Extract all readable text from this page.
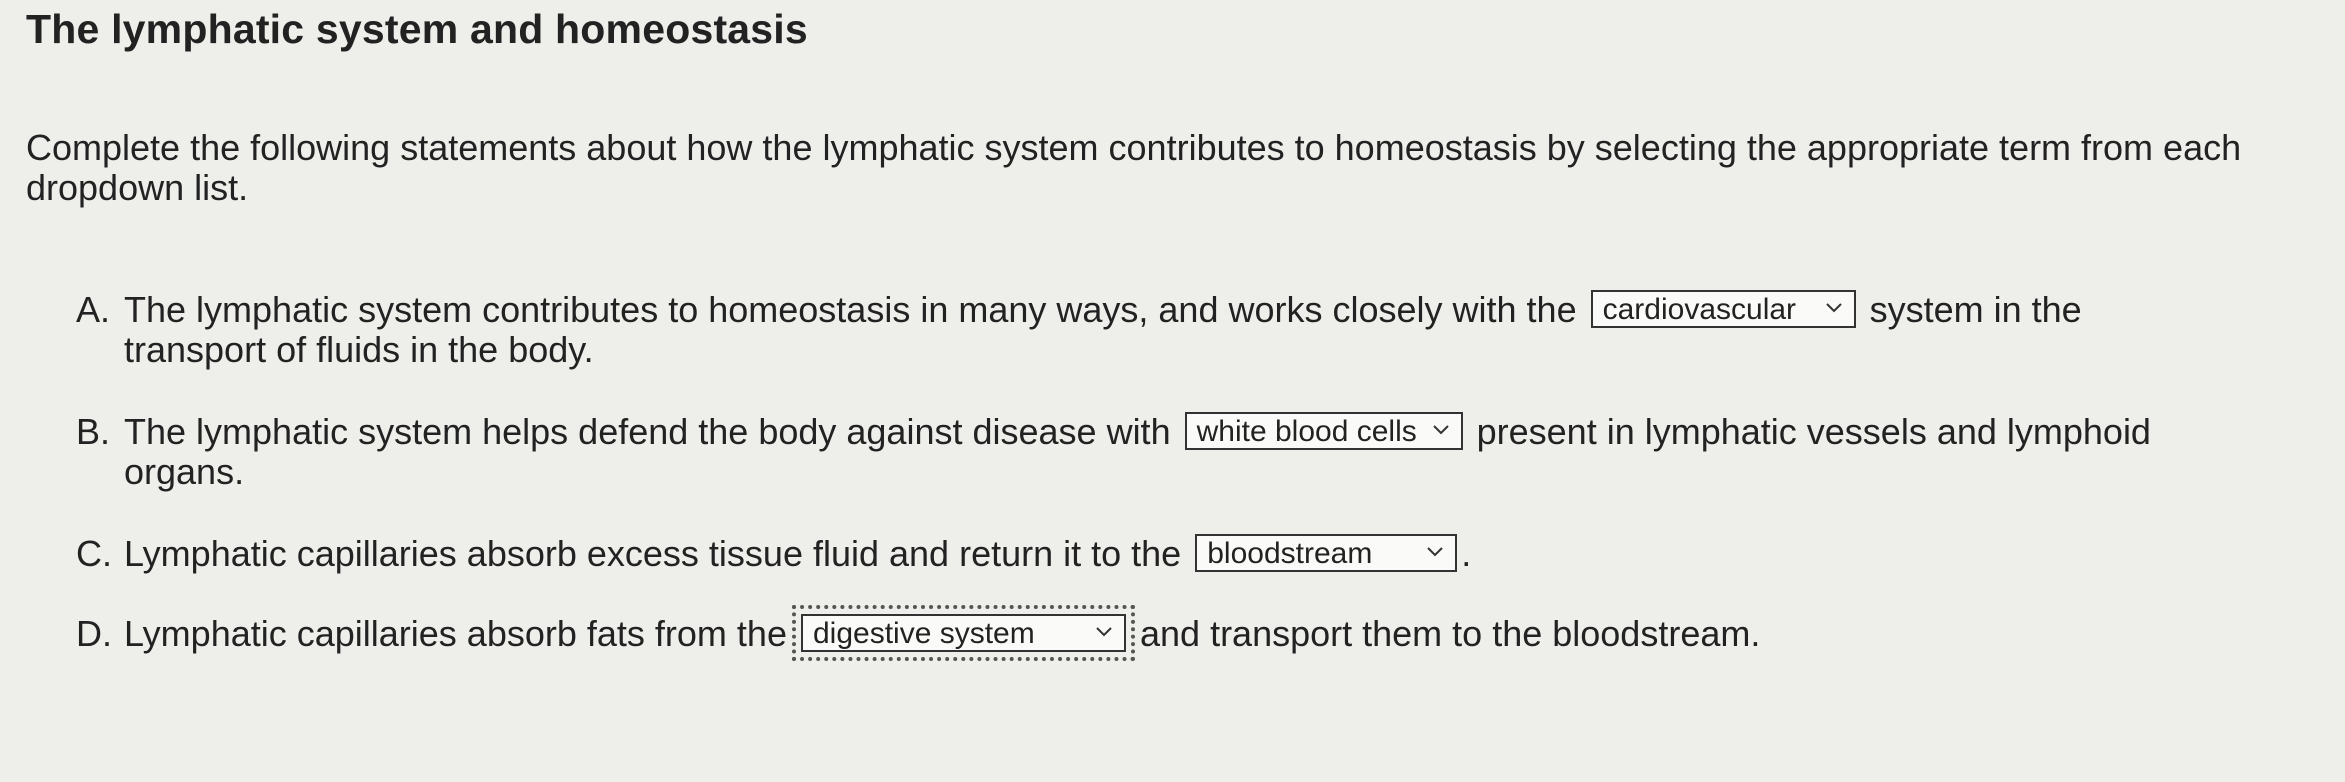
The lymphatic system and homeostasis
Complete the following statements about how the lymphatic system contributes to homeostasis by selecting the appropriate term from each dropdown list.
A. The lymphatic system contributes to homeostasis in many ways, and works closely with the cardiovascular system in the
transport of fluids in the body.
B. The lymphatic system helps defend the body against disease with white blood cells present in lymphatic vessels and lymphoid
organs.
C. Lymphatic capillaries absorb excess tissue fluid and return it to the bloodstream .
D. Lymphatic capillaries absorb fats from the digestive system	and transport them to the bloodstream.
